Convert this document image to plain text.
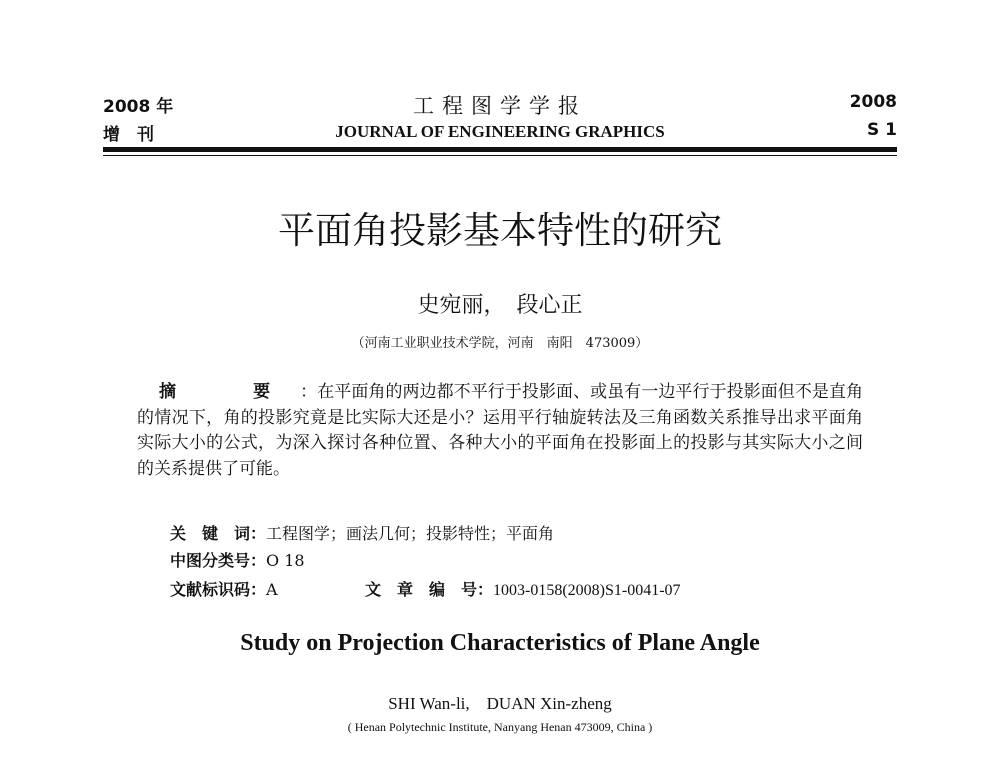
2008 年
增　刊
工程图学学报
JOURNAL OF ENGINEERING GRAPHICS
2008
S 1
平面角投影基本特性的研究
史宛丽，　段心正
（河南工业职业技术学院，河南　南阳　473009）
摘　要：在平面角的两边都不平行于投影面、或虽有一边平行于投影面但不是直角的情况下，角的投影究竟是比实际大还是小？运用平行轴旋转法及三角函数关系推导出求平面角实际大小的公式，为深入探讨各种位置、各种大小的平面角在投影面上的投影与其实际大小之间的关系提供了可能。
关　键　词：工程图学；画法几何；投影特性；平面角
中图分类号：O 18
文献标识码：A	文　章　编　号：1003-0158(2008)S1-0041-07
Study on Projection Characteristics of Plane Angle
SHI Wan-li,　DUAN Xin-zheng
( Henan Polytechnic Institute, Nanyang Henan 473009, China )
